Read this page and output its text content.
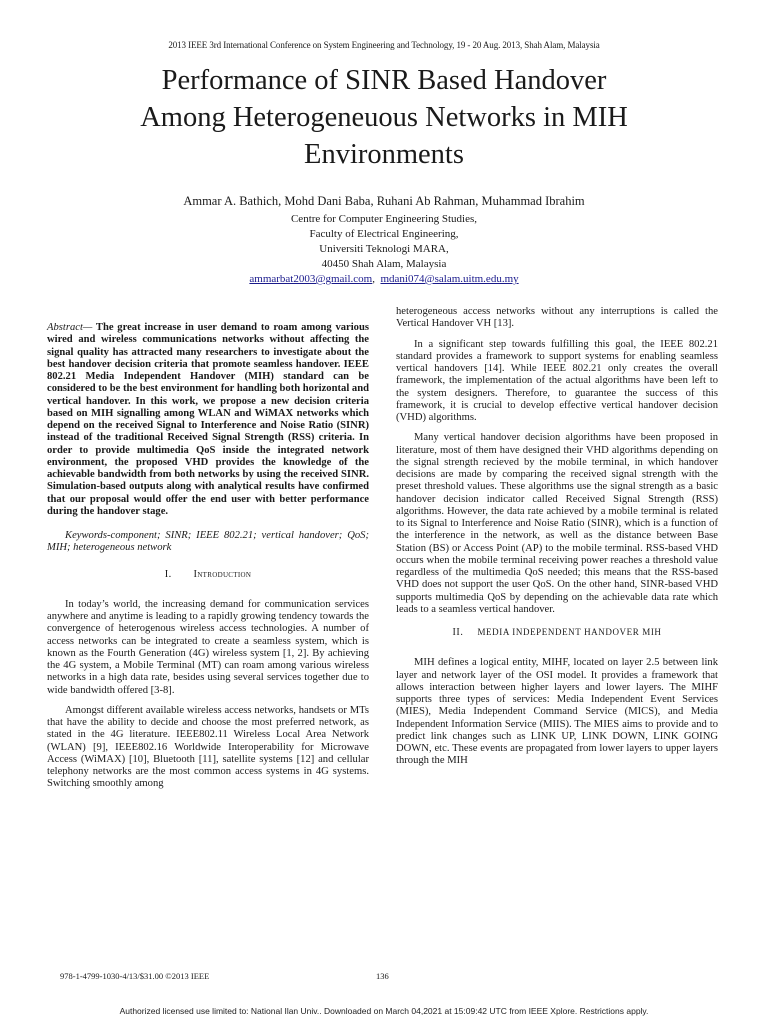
2013 IEEE 3rd International Conference on System Engineering and Technology, 19 - 20 Aug. 2013, Shah Alam, Malaysia
Performance of SINR Based Handover
Among Heterogeneuous Networks in MIH
Environments
Ammar A. Bathich, Mohd Dani Baba, Ruhani Ab Rahman, Muhammad Ibrahim
Centre for Computer Engineering Studies,
Faculty of Electrical Engineering,
Universiti Teknologi MARA,
40450 Shah Alam, Malaysia
ammarbat2003@gmail.com, mdani074@salam.uitm.edu.my

Abstract— The great increase in user demand to roam among various wired and wireless communications networks without affecting the signal quality has attracted many researchers to investigate about the best handover decision criteria that promote seamless handover. IEEE 802.21 Media Independent Handover (MIH) standard can be considered to be the best environment for handling both horizontal and vertical handover. In this work, we propose a new decision criteria based on MIH signalling among WLAN and WiMAX networks which depend on the received Signal to Interference and Noise Ratio (SINR) instead of the traditional Received Signal Strength (RSS) criteria. In order to provide multimedia QoS inside the integrated network environment, the proposed VHD provides the knowledge of the achievable bandwidth from both networks by using the received SINR. Simulation-based outputs along with analytical results have confirmed that our proposal would offer the end user with better performance during the handover stage.

Keywords-component; SINR; IEEE 802.21; vertical handover; QoS; MIH; heterogeneous network

I. Introduction

In today’s world, the increasing demand for communication services anywhere and anytime is leading to a rapidly growing tendency towards the convergence of heterogenous wireless access technologies. A number of access networks can be integrated to create a seamless system, which is known as the Fourth Generation (4G) wireless system [1, 2]. By achieving the 4G system, a Mobile Terminal (MT) can roam among various wireless networks in a high data rate, besides using several services together due to wide bandwidth offered [3-8].

Amongst different available wireless access networks, handsets or MTs that have the ability to decide and choose the most preferred network, as stated in the 4G literature. IEEE802.11 Wireless Local Area Network (WLAN) [9], IEEE802.16 Worldwide Interoperability for Microwave Access (WiMAX) [10], Bluetooth [11], satellite systems [12] and cellular telephony networks are the most common access systems in 4G systems. Switching smoothly among

heterogeneous access networks without any interruptions is called the Vertical Handover VH [13].

In a significant step towards fulfilling this goal, the IEEE 802.21 standard provides a framework to support systems for enabling seamless vertical handovers [14]. While IEEE 802.21 only creates the overall framework, the implementation of the actual algorithms have been left to the system designers. Therefore, to guarantee the success of this framework, it is crucial to develop effective vertical handover decision (VHD) algorithms.

Many vertical handover decision algorithms have been proposed in literature, most of them have designed their VHD algorithms depending on the signal strength recieved by the mobile terminal, in which handover decisions are made by comparing the received signal strength with the preset threshold values. These algorithms use the signal strength as a basic handover decision indicator called Received Signal Strength (RSS) algorithms. However, the data rate achieved by a mobile terminal is related to its Signal to Interference and Noise Ratio (SINR), which is a function of the interference in the network, as well as the distance between Base Station (BS) or Access Point (AP) to the mobile terminal. RSS-based VHD occurs when the mobile terminal receiving power reaches a threshold value regardless of the multimedia QoS needed; this means that the RSS-based VHD does not support the user QoS. On the other hand, SINR-based VHD supports multimedia QoS by depending on the achievable data rate which leads to a seamless vertical handover.

II. MEDIA INDEPENDENT HANDOVER MIH

MIH defines a logical entity, MIHF, located on layer 2.5 between link layer and network layer of the OSI model. It provides a framework that allows interaction between higher layers and lower layers. The MIHF supports three types of services: Media Independent Event Services (MIES), Media Independent Command Service (MICS), and Media Independent Information Service (MIIS). The MIES aims to provide and to predict link changes such as LINK UP, LINK DOWN, LINK GOING DOWN, etc. These events are propagated from lower layers to upper layers through the MIH

978-1-4799-1030-4/13/$31.00 ©2013 IEEE	136
Authorized licensed use limited to: National Ilan Univ.. Downloaded on March 04,2021 at 15:09:42 UTC from IEEE Xplore. Restrictions apply.
